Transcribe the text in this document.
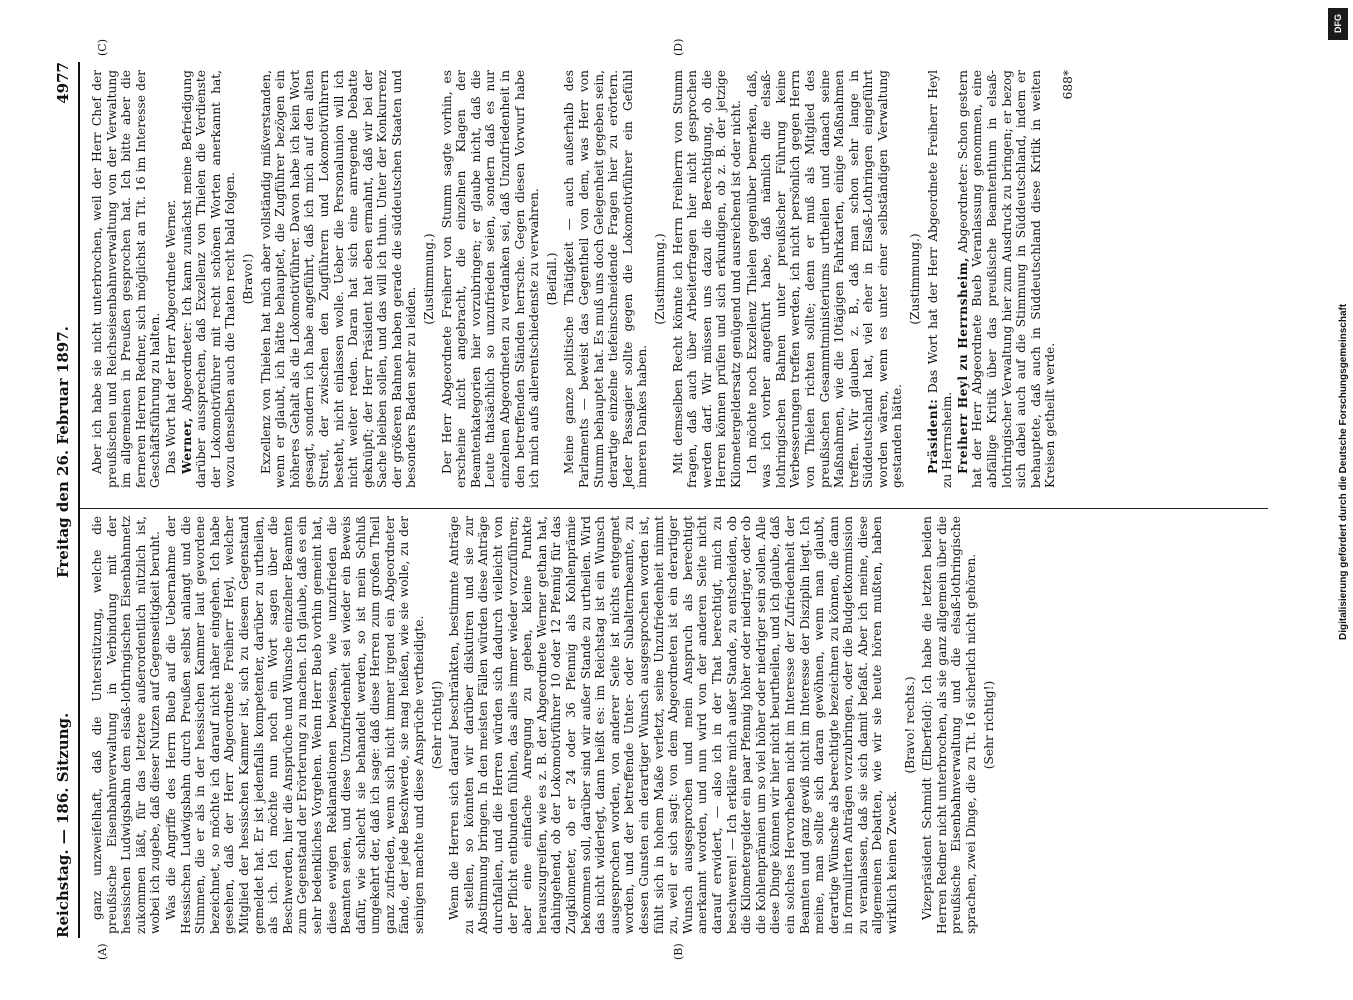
Reichstag. — 186. Sitzung.
Freitag den 26. Februar 1897.
4977
(A)	(B)
(C)	(D)

ganz unzweifelhaft, daß die Unterstützung, welche die preußische Eisenbahnverwaltung in Verbindung mit der hessischen Ludwigsbahn dem elsaß-lothringischen Eisenbahnnetz zukommen läßt, für das letztere außerordentlich nützlich ist, wobei ich zugebe, daß dieser Nutzen auf Gegenseitigkeit beruht. Was die Angriffe des Herrn Bueb auf die Uebernahme der Hessischen Ludwigsbahn durch Preußen selbst anlangt und die Stimmen, die er als in der hessischen Kammer laut gewordene bezeichnet, so möchte ich darauf nicht näher eingehen. Ich habe gesehen, daß der Herr Abgeordnete Freiherr Heyl, welcher Mitglied der hessischen Kammer ist, sich zu diesem Gegenstand gemeldet hat. Er ist jedenfalls kompetenter, darüber zu urtheilen, als ich. Ich möchte nun noch ein Wort sagen über die Beschwerden, hier die Ansprüche und Wünsche einzelner Beamten zum Gegenstand der Erörterung zu machen. Ich glaube, daß es ein sehr bedenkliches Vorgehen. Wenn Herr Bueb vorhin gemeint hat, diese ewigen Reklamationen bewiesen, wie unzufrieden die Beamten seien, und diese Unzufriedenheit sei wieder ein Beweis dafür, wie schlecht sie behandelt werden, so ist mein Schluß umgekehrt der, daß ich sage: daß diese Herren zum großen Theil ganz zufrieden, wenn sich nicht immer irgend ein Abgeordneter fände, der jede Beschwerde, sie mag heißen, wie sie wolle, zu der seinigen machte und diese Ansprüche vertheidigte. (Sehr richtig!) Wenn die Herren sich darauf beschränkten, bestimmte Anträge zu stellen, so könnten wir darüber diskutiren und sie zur Abstimmung bringen. In den meisten Fällen würden diese Anträge durchfallen, und die Herren würden sich dadurch vielleicht von der Pflicht entbunden fühlen, das alles immer wieder vorzuführen; aber eine einfache Anregung zu geben, kleine Punkte herauszugreifen, wie es z. B. der Abgeordnete Werner gethan hat, dahingehend, ob der Lokomotivführer 10 oder 12 Pfennig für das Zugkilometer, ob er 24 oder 36 Pfennig als Kohlenprämie bekommen soll, darüber sind wir außer Stande zu urtheilen. Wird das nicht widerlegt, dann heißt es: im Reichstag ist ein Wunsch ausgesprochen worden, von anderer Seite ist nichts entgegnet worden, und der betreffende Unter- oder Subalternbeamte, zu dessen Gunsten ein derartiger Wunsch ausgesprochen worden ist, fühlt sich in hohem Maße verletzt, seine Unzufriedenheit nimmt zu, weil er sich sagt: von dem Abgeordneten ist ein derartiger Wunsch ausgesprochen und mein Anspruch als berechtigt anerkannt worden, und nun wird von der anderen Seite nicht darauf erwidert, — also ich in der That berechtigt, mich zu beschweren! — Ich erkläre mich außer Stande, zu entscheiden, ob die Kilometergelder ein paar Pfennig höher oder niedriger, oder ob die Kohlenprämien um so viel höher oder niedriger sein sollen. Alle diese Dinge können wir hier nicht beurtheilen, und ich glaube, daß ein solches Hervorheben nicht im Interesse der Zufriedenheit der Beamten und ganz gewiß nicht im Interesse der Disziplin liegt. Ich meine, man sollte sich daran gewöhnen, wenn man glaubt, derartige Wünsche als berechtigte bezeichnen zu können, die dann in formulirten Anträgen vorzubringen, oder die Budgetkommission zu veranlassen, daß sie sich damit befaßt. Aber ich meine, diese allgemeinen Debatten, wie wir sie heute hören mußten, haben wirklich keinen Zweck.

(Bravo! rechts.) Vizepräsident Schmidt (Elberfeld): Ich habe die letzten beiden Herren Redner nicht unterbrochen, als sie ganz allgemein über die preußische Eisenbahnverwaltung und die elsaß-lothringische sprachen, zwei Dinge, die zu Tit. 16 sicherlich nicht gehören. (Sehr richtig!)

Aber ich habe sie nicht unterbrochen, weil der Herr Chef der preußischen und Reichseisenbahnverwaltung von der Verwaltung im allgemeinen in Preußen gesprochen hat. Ich bitte aber die ferneren Herren Redner, sich möglichst an Tit. 16 im Interesse der Geschäftsführung zu halten. Das Wort hat der Herr Abgeordnete Werner. Werner, Abgeordneter: Ich kann zunächst meine Befriedigung darüber aussprechen, daß Exzellenz von Thielen die Verdienste der Lokomotivführer mit recht schönen Worten anerkannt hat, wozu denselben auch die Thaten recht bald folgen. (Bravo!) Exzellenz von Thielen hat mich aber vollständig mißverstanden, wenn er glaubt, ich hätte behauptet, die Zugführer bezögen ein höheres Gehalt als die Lokomotivführer. Davon habe ich kein Wort gesagt, sondern ich habe angeführt, daß ich mich auf den alten Streit, der zwischen den Zugführern und Lokomotivführern besteht, nicht einlassen wolle. Ueber die Personalunion will ich nicht weiter reden. Daran hat sich eine anregende Debatte geknüpft; der Herr Präsident hat eben ermahnt, daß wir bei der Sache bleiben sollen, und das will ich thun. Unter der Konkurrenz der größeren Bahnen haben gerade die süddeutschen Staaten und besonders Baden sehr zu leiden.

(Zustimmung.) Der Herr Abgeordnete Freiherr von Stumm sagte vorhin, es erscheine nicht angebracht, die einzelnen Klagen der Beamtenkategorien hier vorzubringen; er glaube nicht, daß die Leute thatsächlich so unzufrieden seien, sondern daß es nur einzelnen Abgeordneten zu verdanken sei, daß Unzufriedenheit in den betreffenden Ständen herrsche. Gegen diesen Vorwurf habe ich mich aufs allerentschiedenste zu verwahren. (Beifall.) Meine ganze politische Thätigkeit — auch außerhalb des Parlaments — beweist das Gegentheil von dem, was Herr von Stumm behauptet hat. Es muß uns doch Gelegenheit gegeben sein, derartige einzelne tiefeinschneidende Fragen hier zu erörtern. Jeder Passagier sollte gegen die Lokomotivführer ein Gefühl inneren Dankes haben.

(Zustimmung.) Mit demselben Recht könnte ich Herrn Freiherrn von Stumm fragen, daß auch über Arbeiterfragen hier nicht gesprochen werden darf. Wir müssen uns dazu die Berechtigung, ob die Herren können prüfen und sich erkundigen, ob z. B. der jetzige Kilometergeldersatz genügend und ausreichend ist oder nicht. Ich möchte noch Exzellenz Thielen gegenüber bemerken, daß, was ich vorher angeführt habe, daß nämlich die elsaß-lothringischen Bahnen unter preußischer Führung keine Verbesserungen treffen werden, ich nicht persönlich gegen Herrn von Thielen richten sollte; denn er muß als Mitglied des preußischen Gesammtministeriums urtheilen und danach seine Maßnahmen, wie die 10tägigen Fahrkarten, einige Maßnahmen treffen. Wir glauben z. B., daß man schon sehr lange in Süddeutschland hat, viel eher in Elsaß-Lothringen eingeführt worden wären, wenn es unter einer selbständigen Verwaltung gestanden hätte.

(Zustimmung.)

Präsident: Das Wort hat der Herr Abgeordnete Freiherr Heyl zu Herrnsheim. Freiherr Heyl zu Herrnsheim, Abgeordneter: Schon gestern hat der Herr Abgeordnete Bueb Veranlassung genommen, eine abfällige Kritik über das preußische Beamtenthum in elsaß-lothringischer Verwaltung hier zum Ausdruck zu bringen; er bezog sich dabei auch auf die Stimmung in Süddeutschland, indem er behauptete, daß auch in Süddeutschland diese Kritik in weiten Kreisen getheilt werde.

688*

DFG
Digitalisierung gefördert durch die Deutsche Forschungsgemeinschaft
